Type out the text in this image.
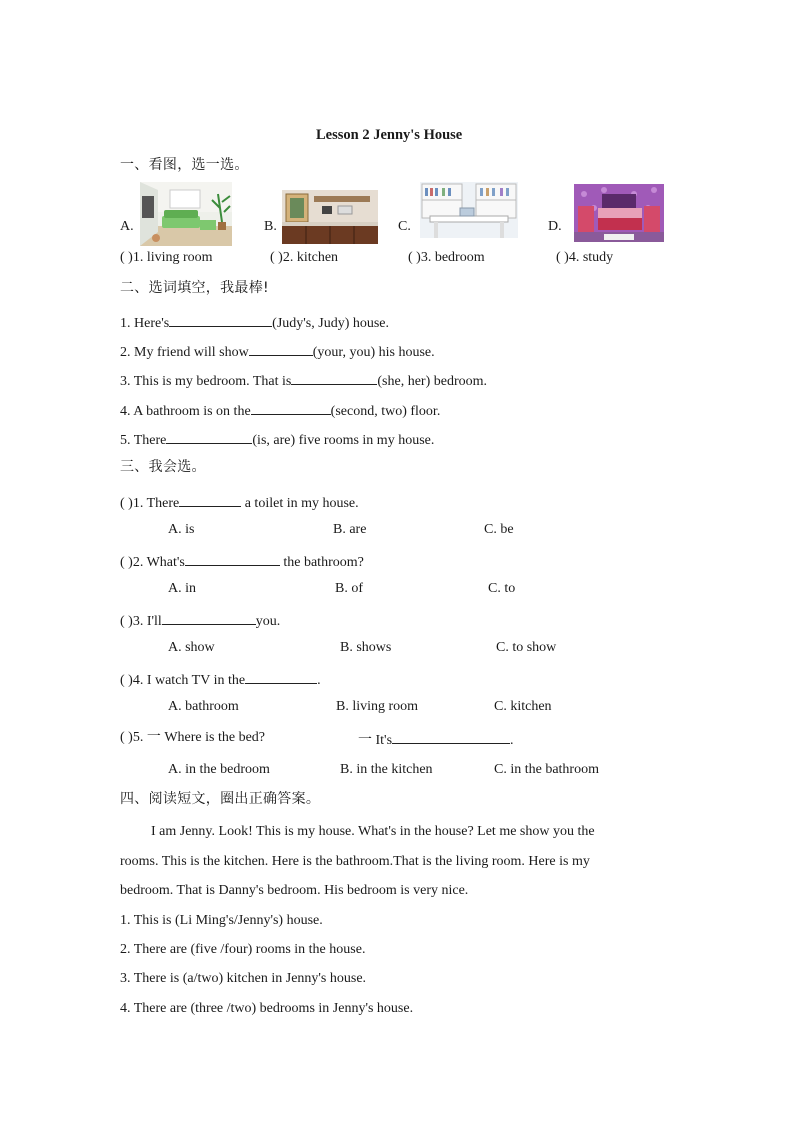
Lesson 2 Jenny's House
一、看图，选一选。
A.	B.	C.	D.
( )1. living room	( )2. kitchen	( )3. bedroom	( )4. study
二、选词填空，我最棒!
1. Here's	(Judy's, Judy) house.
2. My friend will show	(your, you) his house.
3. This is my bedroom. That is	(she, her) bedroom.
4. A bathroom is on the	(second, two) floor.
5. There	(is, are) five rooms in my house.
三、我会选。
( )1. There	a toilet in my house.
A. is	B. are	C. be
( )2. What's	the bathroom?
A. in	B. of	C. to
( )3. I'll	you.
A. show	B. shows	C. to show
( )4. I watch TV in the	.
A. bathroom	B. living room	C. kitchen
( )5. 一 Where is the bed?	一 It's	.
A. in the bedroom	B. in the kitchen	C. in the bathroom
四、阅读短文，圈出正确答案。
I am Jenny. Look! This is my house. What's in the house? Let me show you the
rooms. This is the kitchen. Here is the bathroom.That is the living room. Here is my
bedroom. That is Danny's bedroom. His bedroom is very nice.
1. This is (Li Ming's/Jenny's) house.
2. There are (five /four) rooms in the house.
3. There is (a/two) kitchen in Jenny's house.
4. There are (three /two) bedrooms in Jenny's house.
